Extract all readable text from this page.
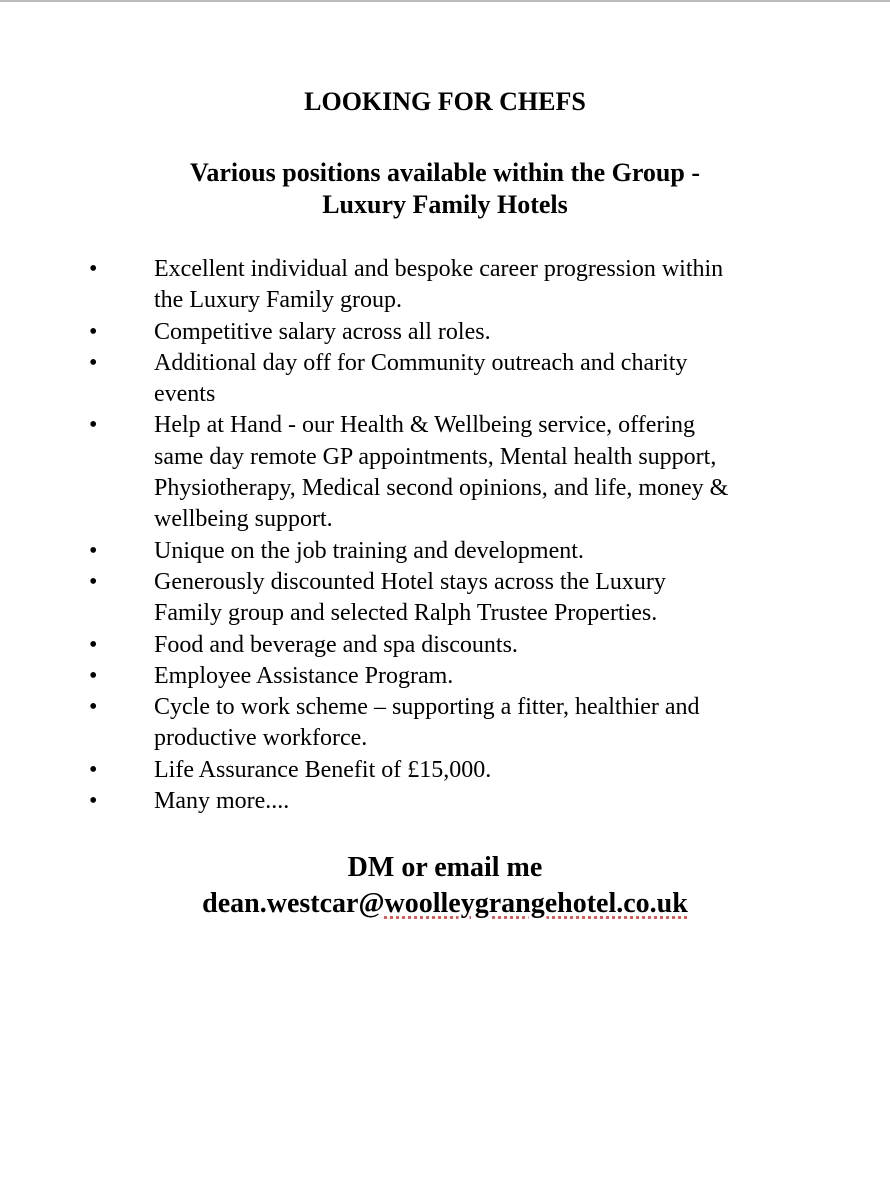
LOOKING FOR CHEFS
Various positions available within the Group -
Luxury Family Hotels
• Excellent individual and bespoke career progression within
the Luxury Family group.
• Competitive salary across all roles.
• Additional day off for Community outreach and charity
events
• Help at Hand - our Health & Wellbeing service, offering
same day remote GP appointments, Mental health support,
Physiotherapy, Medical second opinions, and life, money &
wellbeing support.
• Unique on the job training and development.
• Generously discounted Hotel stays across the Luxury
Family group and selected Ralph Trustee Properties.
• Food and beverage and spa discounts.
• Employee Assistance Program.
• Cycle to work scheme – supporting a fitter, healthier and
productive workforce.
• Life Assurance Benefit of £15,000.
• Many more....
DM or email me
dean.westcar@woolleygrangehotel.co.uk
